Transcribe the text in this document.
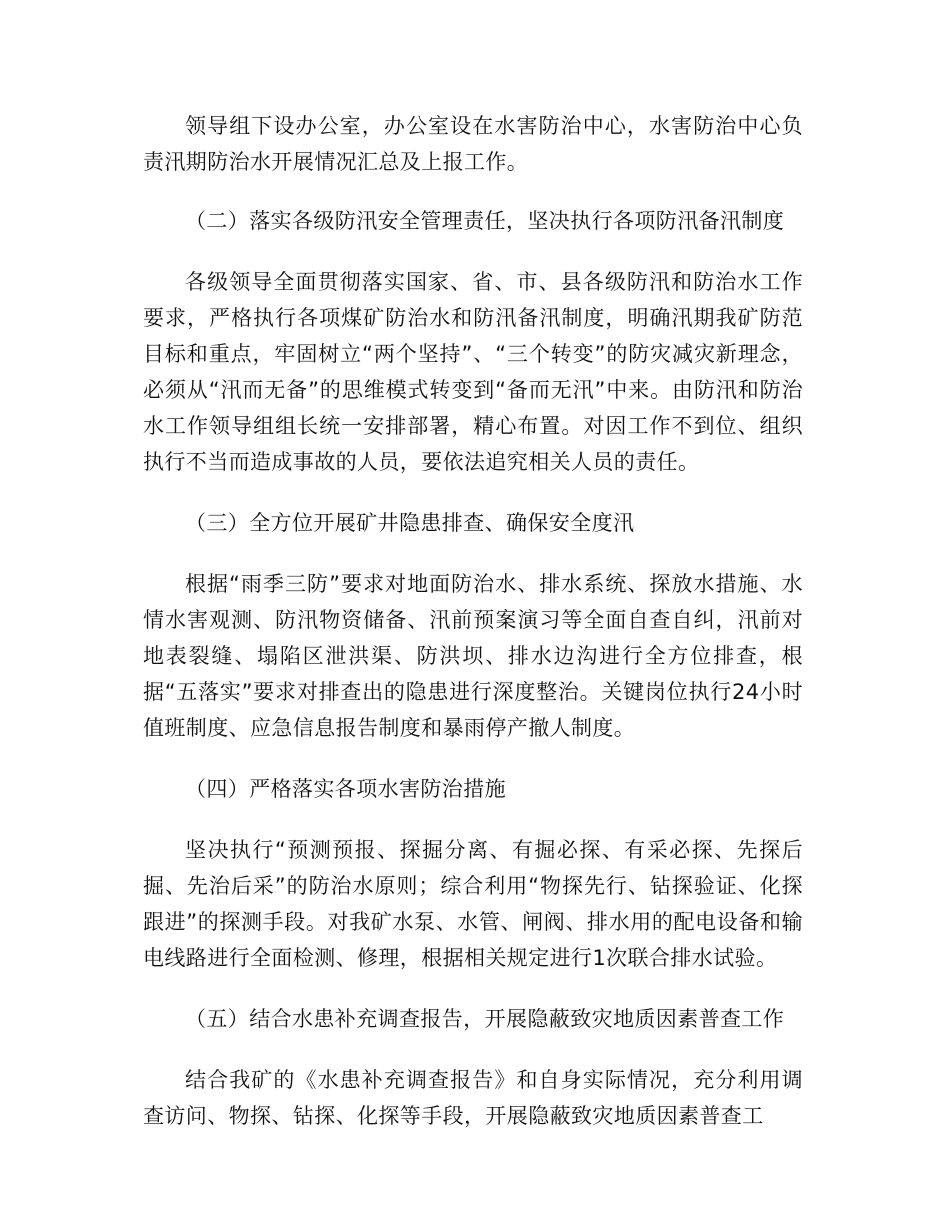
领导组下设办公室，办公室设在水害防治中心，水害防治中心负责汛期防治水开展情况汇总及上报工作。

（二）落实各级防汛安全管理责任，坚决执行各项防汛备汛制度

各级领导全面贯彻落实国家、省、市、县各级防汛和防治水工作要求，严格执行各项煤矿防治水和防汛备汛制度，明确汛期我矿防范目标和重点，牢固树立“两个坚持”、“三个转变”的防灾减灾新理念，必须从“汛而无备”的思维模式转变到“备而无汛”中来。由防汛和防治水工作领导组组长统一安排部署，精心布置。对因工作不到位、组织执行不当而造成事故的人员，要依法追究相关人员的责任。

（三）全方位开展矿井隐患排查、确保安全度汛

根据“雨季三防”要求对地面防治水、排水系统、探放水措施、水情水害观测、防汛物资储备、汛前预案演习等全面自查自纠，汛前对地表裂缝、塌陷区泄洪渠、防洪坝、排水边沟进行全方位排查，根据“五落实”要求对排查出的隐患进行深度整治。关键岗位执行24小时值班制度、应急信息报告制度和暴雨停产撤人制度。

（四）严格落实各项水害防治措施

坚决执行“预测预报、探掘分离、有掘必探、有采必探、先探后掘、先治后采”的防治水原则；综合利用“物探先行、钻探验证、化探跟进”的探测手段。对我矿水泵、水管、闸阀、排水用的配电设备和输电线路进行全面检测、修理，根据相关规定进行1次联合排水试验。

（五）结合水患补充调查报告，开展隐蔽致灾地质因素普查工作

结合我矿的《水患补充调查报告》和自身实际情况，充分利用调查访问、物探、钻探、化探等手段，开展隐蔽致灾地质因素普查工
